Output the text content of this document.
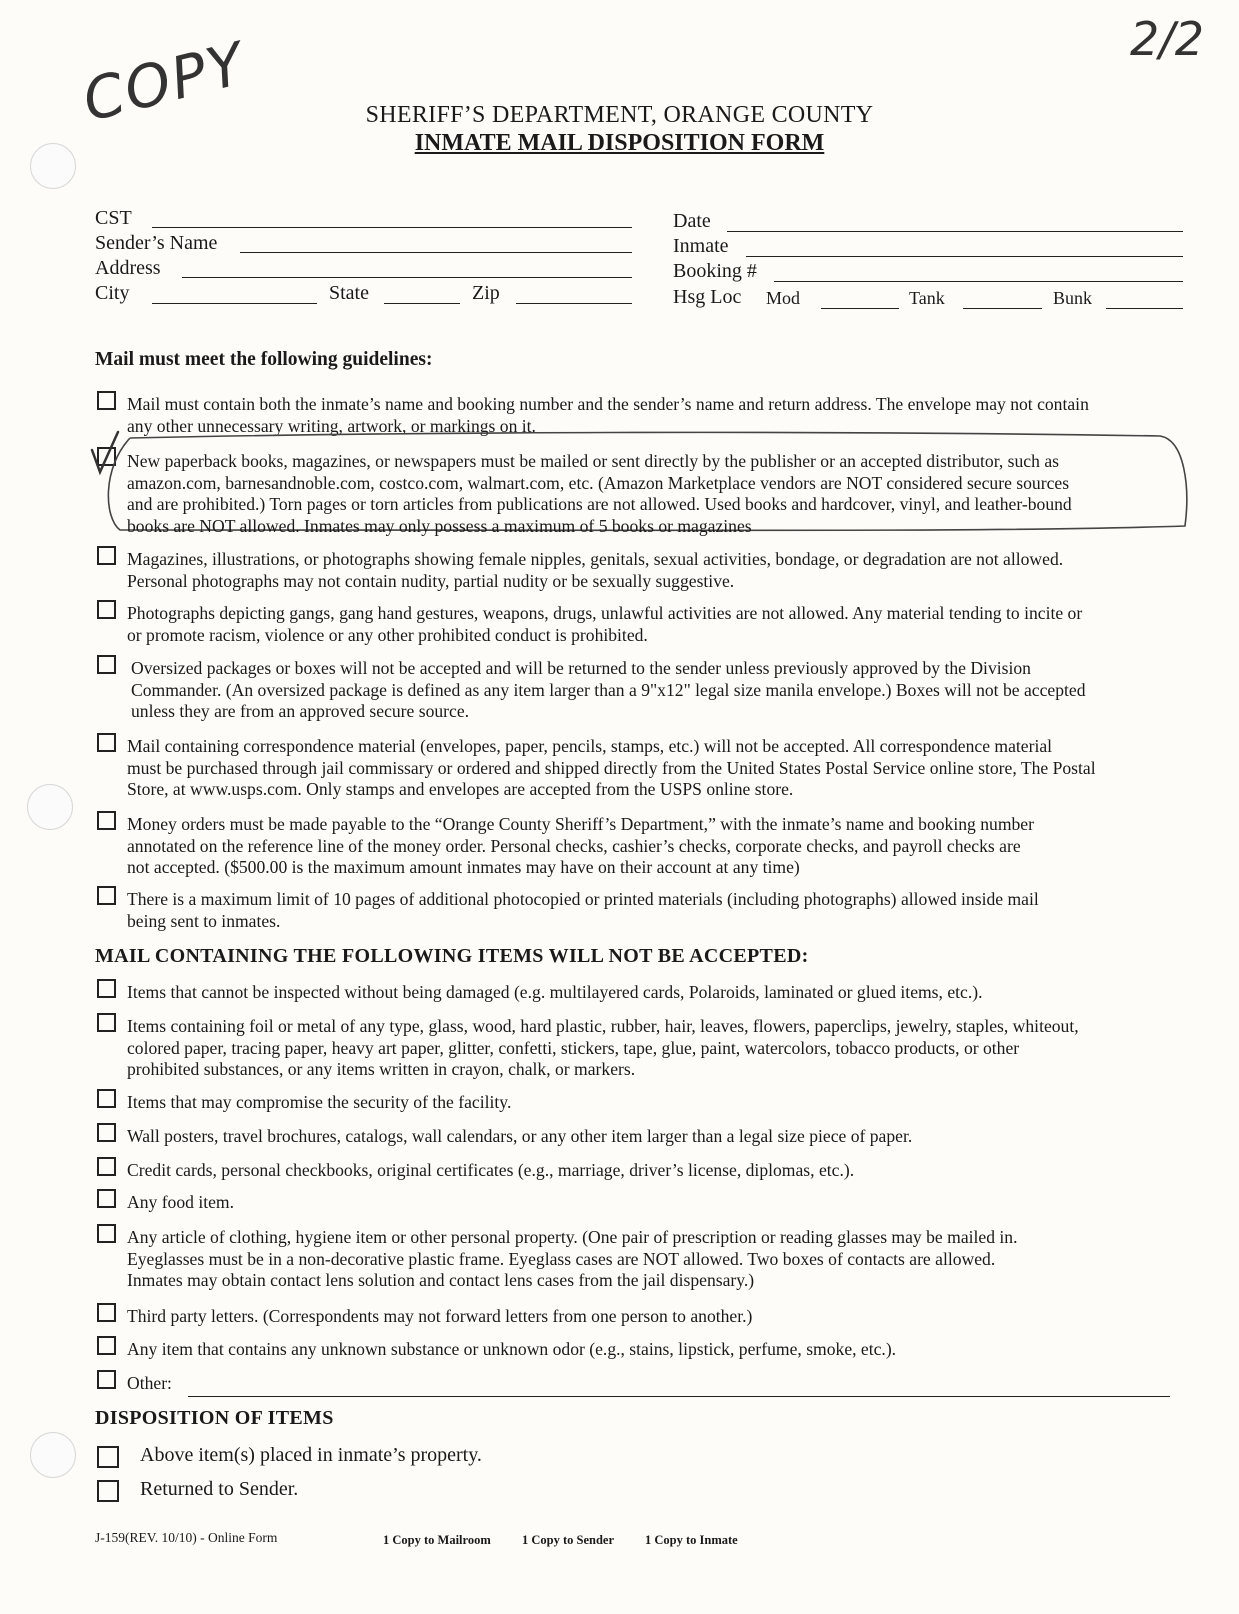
COPY	2/2
SHERIFF’S DEPARTMENT, ORANGE COUNTY
INMATE MAIL DISPOSITION FORM
CST
Sender’s Name
Address
City	State	Zip
Date
Inmate
Booking #
Hsg Loc Mod	Tank	Bunk
Mail must meet the following guidelines:
Mail must contain both the inmate’s name and booking number and the sender’s name and return address. The envelope may not contain
any other unnecessary writing, artwork, or markings on it.
New paperback books, magazines, or newspapers must be mailed or sent directly by the publisher or an accepted distributor, such as
amazon.com, barnesandnoble.com, costco.com, walmart.com, etc. (Amazon Marketplace vendors are NOT considered secure sources
and are prohibited.) Torn pages or torn articles from publications are not allowed. Used books and hardcover, vinyl, and leather-bound
books are NOT allowed. Inmates may only possess a maximum of 5 books or magazines
Magazines, illustrations, or photographs showing female nipples, genitals, sexual activities, bondage, or degradation are not allowed.
Personal photographs may not contain nudity, partial nudity or be sexually suggestive.
Photographs depicting gangs, gang hand gestures, weapons, drugs, unlawful activities are not allowed. Any material tending to incite or
or promote racism, violence or any other prohibited conduct is prohibited.
Oversized packages or boxes will not be accepted and will be returned to the sender unless previously approved by the Division
Commander. (An oversized package is defined as any item larger than a 9"x12" legal size manila envelope.) Boxes will not be accepted
unless they are from an approved secure source.
Mail containing correspondence material (envelopes, paper, pencils, stamps, etc.) will not be accepted. All correspondence material
must be purchased through jail commissary or ordered and shipped directly from the United States Postal Service online store, The Postal
Store, at www.usps.com. Only stamps and envelopes are accepted from the USPS online store.
Money orders must be made payable to the “Orange County Sheriff’s Department,” with the inmate’s name and booking number
annotated on the reference line of the money order. Personal checks, cashier’s checks, corporate checks, and payroll checks are
not accepted. ($500.00 is the maximum amount inmates may have on their account at any time)
There is a maximum limit of 10 pages of additional photocopied or printed materials (including photographs) allowed inside mail
being sent to inmates.
MAIL CONTAINING THE FOLLOWING ITEMS WILL NOT BE ACCEPTED:
Items that cannot be inspected without being damaged (e.g. multilayered cards, Polaroids, laminated or glued items, etc.).
Items containing foil or metal of any type, glass, wood, hard plastic, rubber, hair, leaves, flowers, paperclips, jewelry, staples, whiteout,
colored paper, tracing paper, heavy art paper, glitter, confetti, stickers, tape, glue, paint, watercolors, tobacco products, or other
prohibited substances, or any items written in crayon, chalk, or markers.
Items that may compromise the security of the facility.
Wall posters, travel brochures, catalogs, wall calendars, or any other item larger than a legal size piece of paper.
Credit cards, personal checkbooks, original certificates (e.g., marriage, driver’s license, diplomas, etc.).
Any food item.
Any article of clothing, hygiene item or other personal property. (One pair of prescription or reading glasses may be mailed in.
Eyeglasses must be in a non-decorative plastic frame. Eyeglass cases are NOT allowed. Two boxes of contacts are allowed.
Inmates may obtain contact lens solution and contact lens cases from the jail dispensary.)
Third party letters. (Correspondents may not forward letters from one person to another.)
Any item that contains any unknown substance or unknown odor (e.g., stains, lipstick, perfume, smoke, etc.).
Other:
DISPOSITION OF ITEMS
Above item(s) placed in inmate’s property.
Returned to Sender.
J-159(REV. 10/10) - Online Form	1 Copy to Mailroom	1 Copy to Sender 1 Copy to Inmate
